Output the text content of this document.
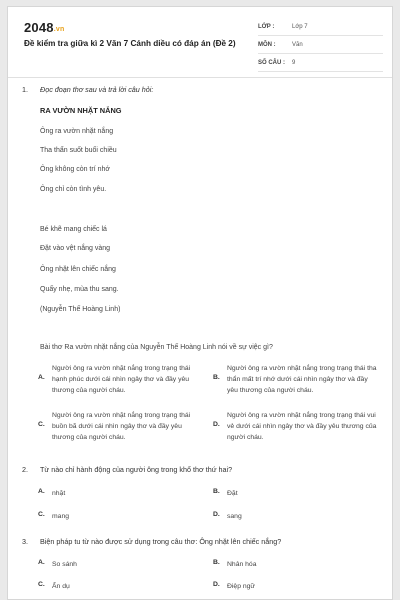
2048.vn
Đề kiểm tra giữa kì 2 Văn 7 Cánh diều có đáp án (Đề 2)
LỚP :	Lớp 7
MÔN :	Văn
SỐ CÂU : 9
1.	Đọc đoạn thơ sau và trả lời câu hỏi:
RA VƯỜN NHẶT NẮNG
Ông ra vườn nhặt nắng
Tha thẩn suốt buổi chiều
Ông không còn trí nhớ
Ông chỉ còn tình yêu.
Bé khẽ mang chiếc lá
Đặt vào vệt nắng vàng
Ông nhặt lên chiếc nắng
Quấy nhẹ, mùa thu sang.
(Nguyễn Thế Hoàng Linh)
Bài thơ Ra vườn nhặt nắng của Nguyễn Thế Hoàng Linh nói về sự việc gì?
A.
Người ông ra vườn nhặt nắng trong trạng thái hạnh phúc dưới cái nhìn ngây thơ và đầy yêu thương của người cháu.
B.
Người ông ra vườn nhặt nắng trong trạng thái tha thẩn mất trí nhớ dưới cái nhìn ngây thơ và đầy yêu thương của người cháu.
C.
Người ông ra vườn nhặt nắng trong trạng thái buồn bã dưới cái nhìn ngây thơ và đầy yêu thương của người cháu.
D.
Người ông ra vườn nhặt nắng trong trạng thái vui vẻ dưới cái nhìn ngây thơ và đầy yêu thương của người cháu.
2.	Từ nào chỉ hành động của người ông trong khổ thơ thứ hai?
A. nhặt	B. Đặt
C. mang	D. sang
3.	Biện pháp tu từ nào được sử dụng trong câu thơ: Ông nhặt lên chiếc nắng?
A. So sánh	B. Nhân hóa
C. Ẩn dụ	D. Điệp ngữ
